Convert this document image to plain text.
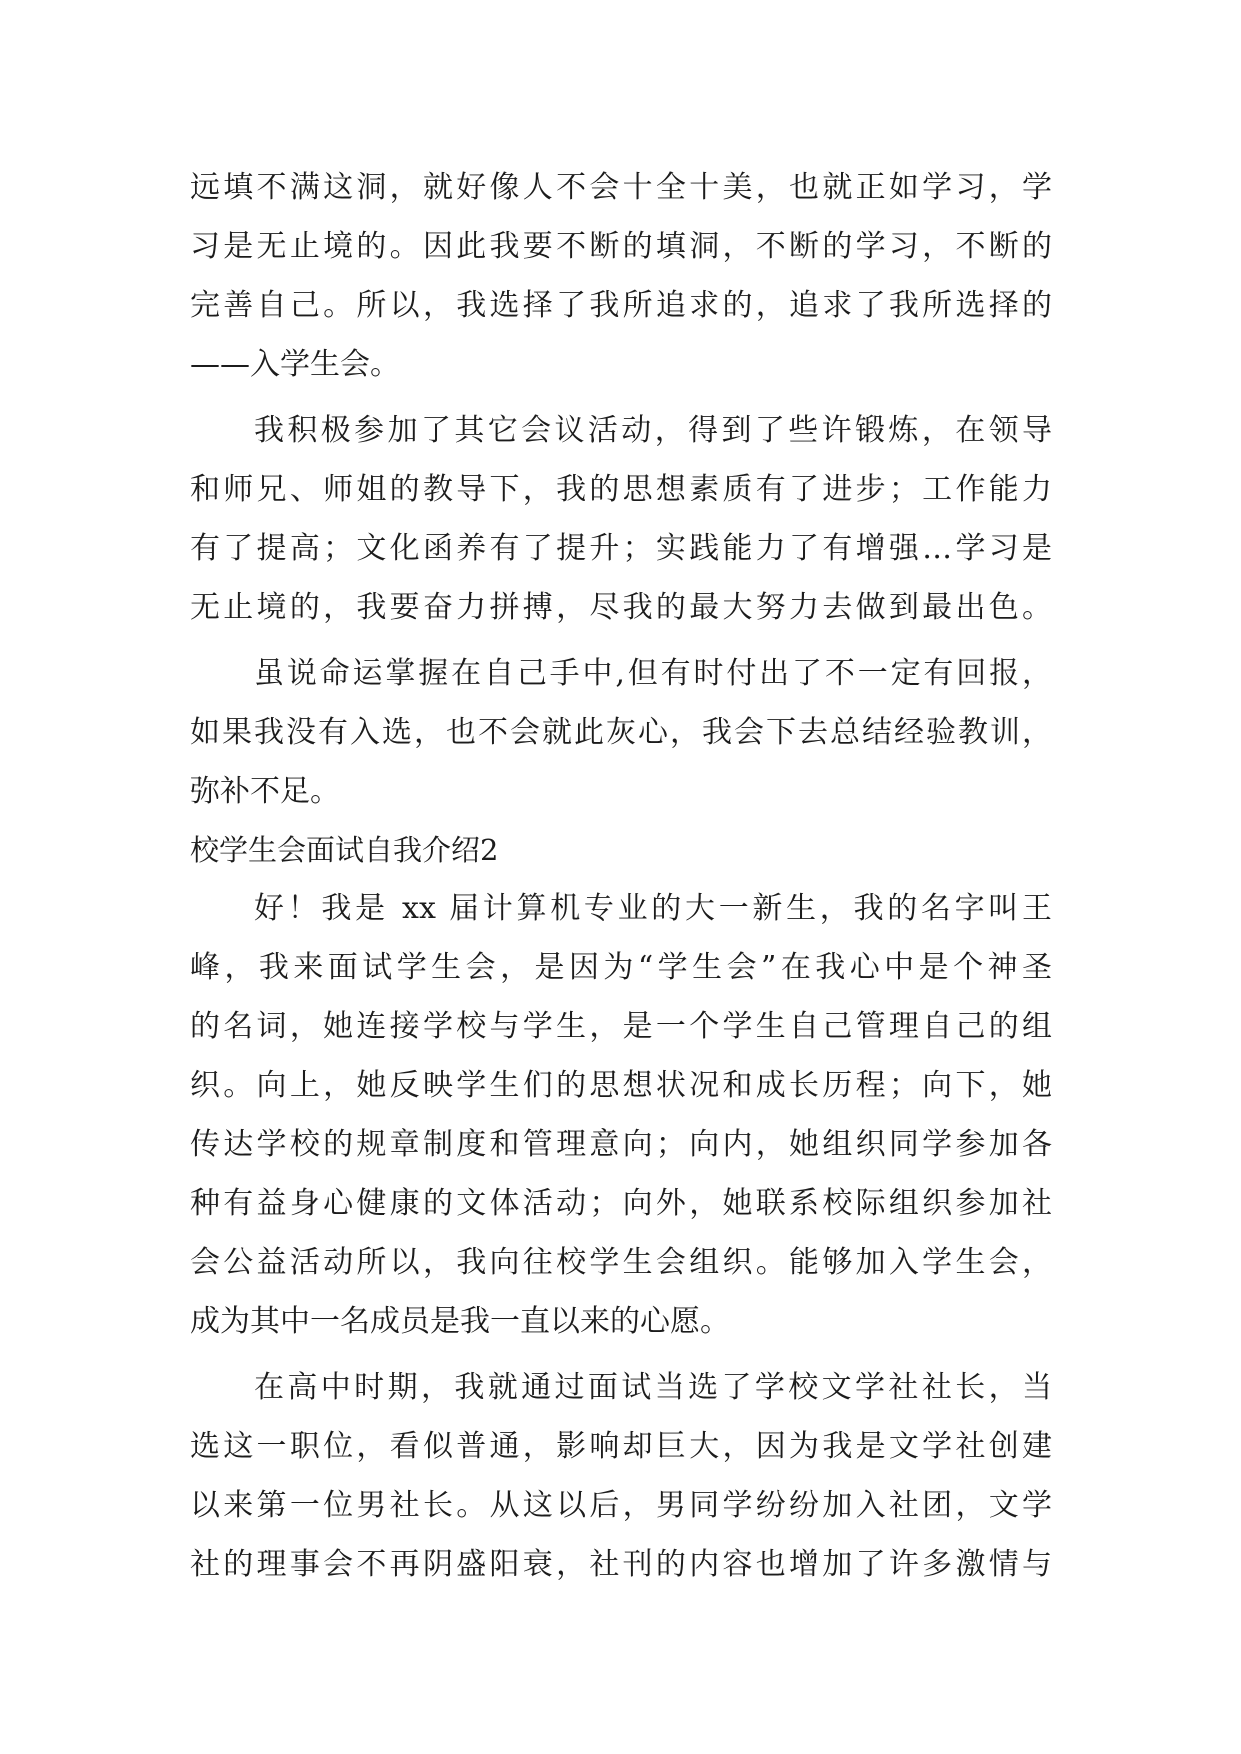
远填不满这洞，就好像人不会十全十美，也就正如学习，学
习是无止境的。因此我要不断的填洞，不断的学习，不断的
完善自己。所以，我选择了我所追求的，追求了我所选择的
——入学生会。
我积极参加了其它会议活动，得到了些许锻炼，在领导
和师兄、师姐的教导下，我的思想素质有了进步；工作能力
有了提高；文化函养有了提升；实践能力了有增强…学习是
无止境的，我要奋力拼搏，尽我的最大努力去做到最出色。
虽说命运掌握在自己手中,但有时付出了不一定有回报，
如果我没有入选，也不会就此灰心，我会下去总结经验教训，
弥补不足。
校学生会面试自我介绍2
好！我是 xx 届计算机专业的大一新生，我的名字叫王
峰，我来面试学生会，是因为“学生会”在我心中是个神圣
的名词，她连接学校与学生，是一个学生自己管理自己的组
织。向上，她反映学生们的思想状况和成长历程；向下，她
传达学校的规章制度和管理意向；向内，她组织同学参加各
种有益身心健康的文体活动；向外，她联系校际组织参加社
会公益活动所以，我向往校学生会组织。能够加入学生会，
成为其中一名成员是我一直以来的心愿。
在高中时期，我就通过面试当选了学校文学社社长，当
选这一职位，看似普通，影响却巨大，因为我是文学社创建
以来第一位男社长。从这以后，男同学纷纷加入社团，文学
社的理事会不再阴盛阳衰，社刊的内容也增加了许多激情与
